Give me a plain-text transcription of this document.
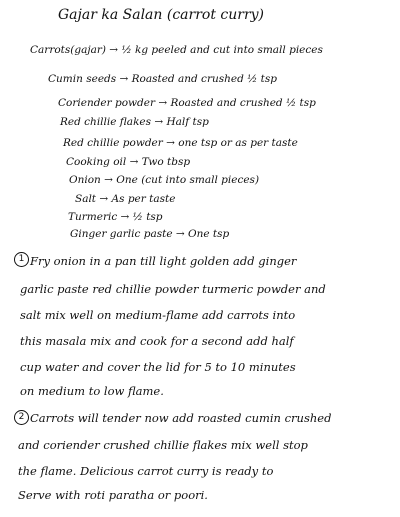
Gajar ka Salan (carrot curry)
Carrots(gajar) → ½ kg peeled and cut into small pieces
Cumin seeds → Roasted and crushed ½ tsp
Coriender powder → Roasted and crushed ½ tsp
Red chillie flakes → Half tsp
Red chillie powder → one tsp or as per taste
Cooking oil → Two tbsp
Onion → One (cut into small pieces)
Salt → As per taste
Turmeric → ½ tsp
Ginger garlic paste → One tsp
1 Fry onion in a pan till light golden add ginger
garlic paste red chillie powder turmeric powder and
salt mix well on medium-flame add carrots into
this masala mix and cook for a second add half
cup water and cover the lid for 5 to 10 minutes
on medium to low flame.
2 Carrots will tender now add roasted cumin crushed
and coriender crushed chillie flakes mix well stop
the flame. Delicious carrot curry is ready to
Serve with roti paratha or poori.
